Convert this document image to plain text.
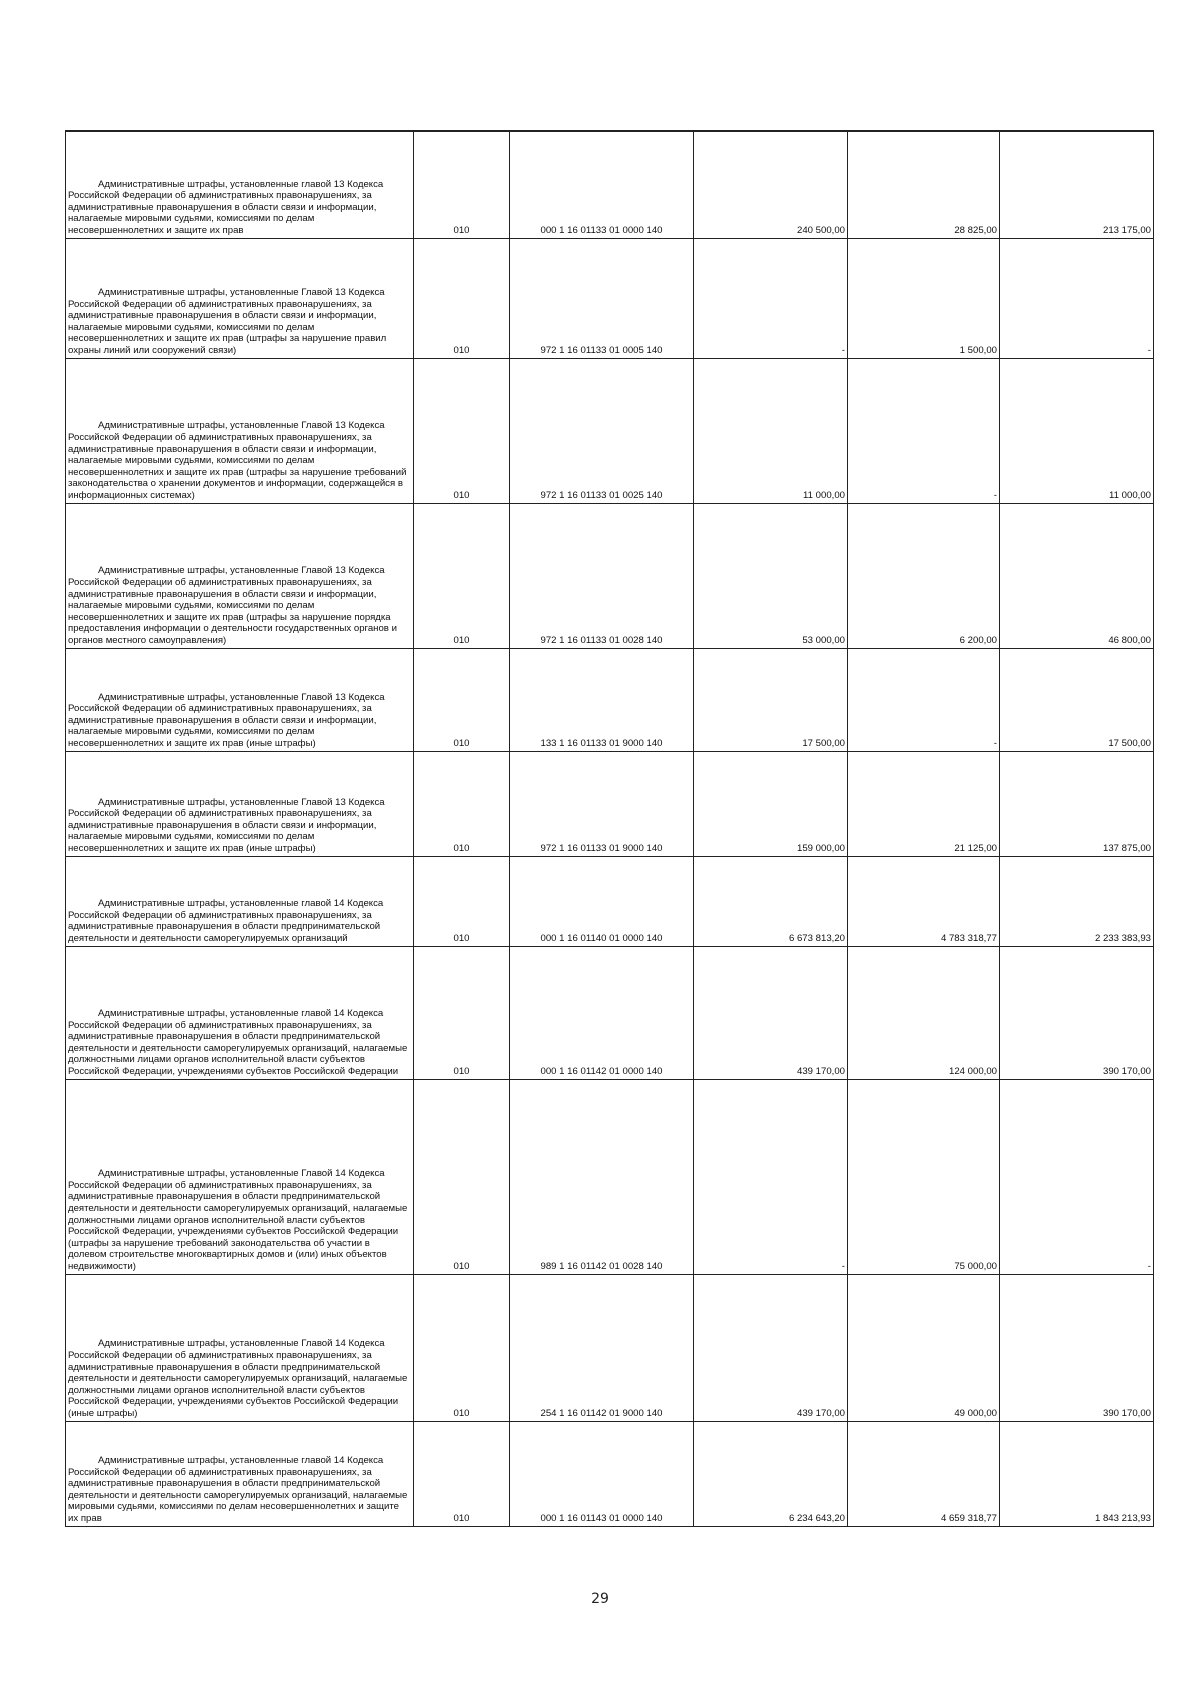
Административные штрафы, установленные главой 13 Кодекса Российской Федерации об административных правонарушениях, за административные правонарушения в области связи и информации, налагаемые мировыми судьями, комиссиями по делам несовершеннолетних и защите их прав	010	000 1 16 01133 01 0000 140	240 500,00	28 825,00	213 175,00

Административные штрафы, установленные Главой 13 Кодекса Российской Федерации об административных правонарушениях, за административные правонарушения в области связи и информации, налагаемые мировыми судьями, комиссиями по делам несовершеннолетних и защите их прав (штрафы за нарушение правил охраны линий или сооружений связи)	010	972 1 16 01133 01 0005 140	-	1 500,00	-

Административные штрафы, установленные Главой 13 Кодекса Российской Федерации об административных правонарушениях, за административные правонарушения в области связи и информации, налагаемые мировыми судьями, комиссиями по делам несовершеннолетних и защите их прав (штрафы за нарушение требований законодательства о хранении документов и информации, содержащейся в информационных системах)	010	972 1 16 01133 01 0025 140	11 000,00	-	11 000,00

Административные штрафы, установленные Главой 13 Кодекса Российской Федерации об административных правонарушениях, за административные правонарушения в области связи и информации, налагаемые мировыми судьями, комиссиями по делам несовершеннолетних и защите их прав (штрафы за нарушение порядка предоставления информации о деятельности государственных органов и органов местного самоуправления)	010	972 1 16 01133 01 0028 140	53 000,00	6 200,00	46 800,00

Административные штрафы, установленные Главой 13 Кодекса Российской Федерации об административных правонарушениях, за административные правонарушения в области связи и информации, налагаемые мировыми судьями, комиссиями по делам несовершеннолетних и защите их прав (иные штрафы)	010	133 1 16 01133 01 9000 140	17 500,00	-	17 500,00

Административные штрафы, установленные Главой 13 Кодекса Российской Федерации об административных правонарушениях, за административные правонарушения в области связи и информации, налагаемые мировыми судьями, комиссиями по делам несовершеннолетних и защите их прав (иные штрафы)	010	972 1 16 01133 01 9000 140	159 000,00	21 125,00	137 875,00

Административные штрафы, установленные главой 14 Кодекса Российской Федерации об административных правонарушениях, за административные правонарушения в области предпринимательской деятельности и деятельности саморегулируемых организаций	010	000 1 16 01140 01 0000 140	6 673 813,20	4 783 318,77	2 233 383,93

Административные штрафы, установленные главой 14 Кодекса Российской Федерации об административных правонарушениях, за административные правонарушения в области предпринимательской деятельности и деятельности саморегулируемых организаций, налагаемые должностными лицами органов исполнительной власти субъектов Российской Федерации, учреждениями субъектов Российской Федерации	010	000 1 16 01142 01 0000 140	439 170,00	124 000,00	390 170,00

Административные штрафы, установленные Главой 14 Кодекса Российской Федерации об административных правонарушениях, за административные правонарушения в области предпринимательской деятельности и деятельности саморегулируемых организаций, налагаемые должностными лицами органов исполнительной власти субъектов Российской Федерации, учреждениями субъектов Российской Федерации (штрафы за нарушение требований законодательства об участии в долевом строительстве многоквартирных домов и (или) иных объектов недвижимости)	010	989 1 16 01142 01 0028 140	-	75 000,00	-

Административные штрафы, установленные Главой 14 Кодекса Российской Федерации об административных правонарушениях, за административные правонарушения в области предпринимательской деятельности и деятельности саморегулируемых организаций, налагаемые должностными лицами органов исполнительной власти субъектов Российской Федерации, учреждениями субъектов Российской Федерации (иные штрафы)	010	254 1 16 01142 01 9000 140	439 170,00	49 000,00	390 170,00

Административные штрафы, установленные главой 14 Кодекса Российской Федерации об административных правонарушениях, за административные правонарушения в области предпринимательской деятельности и деятельности саморегулируемых организаций, налагаемые мировыми судьями, комиссиями по делам несовершеннолетних и защите их прав	010	000 1 16 01143 01 0000 140	6 234 643,20	4 659 318,77	1 843 213,93
29
